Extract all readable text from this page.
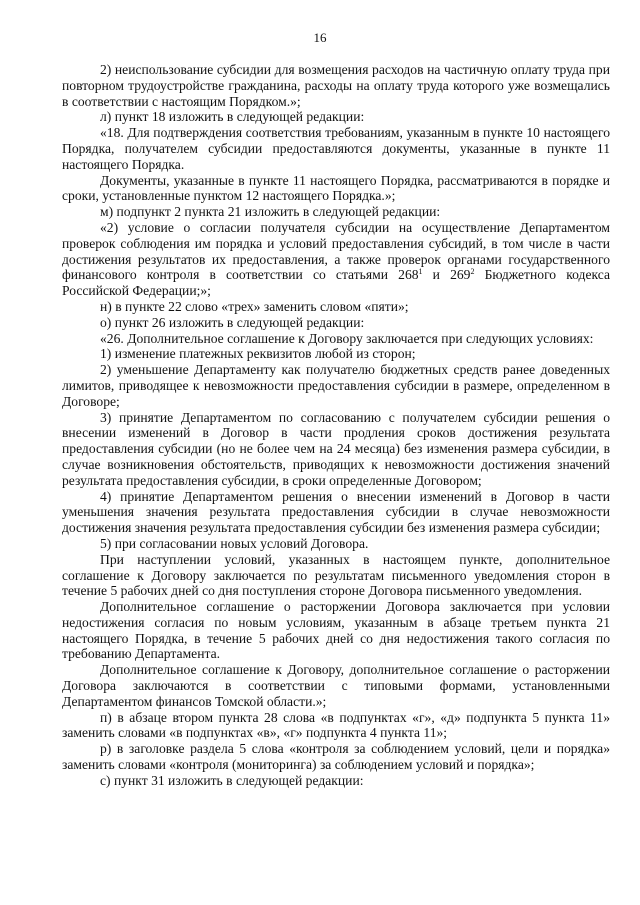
16

2) неиспользование субсидии для возмещения расходов на частичную оплату труда при повторном трудоустройстве гражданина, расходы на оплату труда которого уже возмещались в соответствии с настоящим Порядком.»;

л) пункт 18 изложить в следующей редакции:

«18. Для подтверждения соответствия требованиям, указанным в пункте 10 настоящего Порядка, получателем субсидии предоставляются документы, указанные в пункте 11 настоящего Порядка.

Документы, указанные в пункте 11 настоящего Порядка, рассматриваются в порядке и сроки, установленные пунктом 12 настоящего Порядка.»;

м) подпункт 2 пункта 21 изложить в следующей редакции:

«2) условие о согласии получателя субсидии на осуществление Департаментом проверок соблюдения им порядка и условий предоставления субсидий, в том числе в части достижения результатов их предоставления, а также проверок органами государственного финансового контроля в соответствии со статьями $268^1$ и $269^2$ Бюджетного кодекса Российской Федерации;»;

н) в пункте 22 слово «трех» заменить словом «пяти»;

о) пункт 26 изложить в следующей редакции:

«26. Дополнительное соглашение к Договору заключается при следующих условиях:

1) изменение платежных реквизитов любой из сторон;

2) уменьшение Департаменту как получателю бюджетных средств ранее доведенных лимитов, приводящее к невозможности предоставления субсидии в размере, определенном в Договоре;

3) принятие Департаментом по согласованию с получателем субсидии решения о внесении изменений в Договор в части продления сроков достижения результата предоставления субсидии (но не более чем на 24 месяца) без изменения размера субсидии, в случае возникновения обстоятельств, приводящих к невозможности достижения значений результата предоставления субсидии, в сроки определенные Договором;

4) принятие Департаментом решения о внесении изменений в Договор в части уменьшения значения результата предоставления субсидии в случае невозможности достижения значения результата предоставления субсидии без изменения размера субсидии;

5) при согласовании новых условий Договора.

При наступлении условий, указанных в настоящем пункте, дополнительное соглашение к Договору заключается по результатам письменного уведомления сторон в течение 5 рабочих дней со дня поступления стороне Договора письменного уведомления.

Дополнительное соглашение о расторжении Договора заключается при условии недостижения согласия по новым условиям, указанным в абзаце третьем пункта 21 настоящего Порядка, в течение 5 рабочих дней со дня недостижения такого согласия по требованию Департамента.

Дополнительное соглашение к Договору, дополнительное соглашение о расторжении Договора заключаются в соответствии с типовыми формами, установленными Департаментом финансов Томской области.»;

п) в абзаце втором пункта 28 слова «в подпунктах «г», «д» подпункта 5 пункта 11» заменить словами «в подпунктах «в», «г» подпункта 4 пункта 11»;

р) в заголовке раздела 5 слова «контроля за соблюдением условий, цели и порядка» заменить словами «контроля (мониторинга) за соблюдением условий и порядка»;

с) пункт 31 изложить в следующей редакции:
